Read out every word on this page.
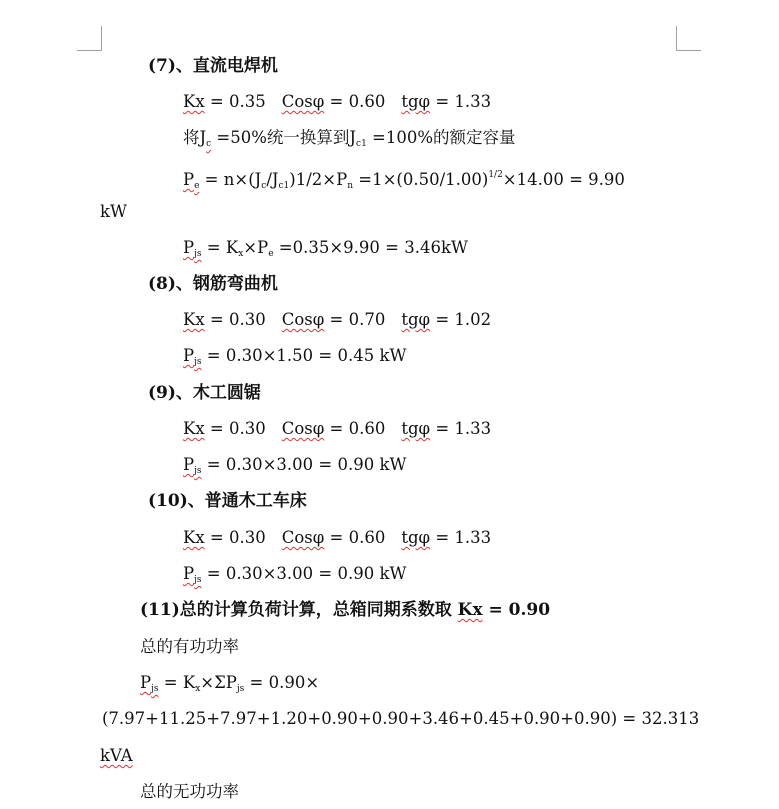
(7)、直流电焊机
Kx = 0.35 Cosφ = 0.60 tgφ = 1.33
将$J_c =50\%$统一换算到$J_{c1} =100\%$的额定容量
$P_e = n\times(J_c/J_{c1})1/2\times P_n =1\times(0.50/1.00)^{1/2}\times 14.00 = 9.90$
kW
$P_{js} = K_x\times P_e =0.35\times 9.90 = 3.46kW$
(8)、钢筋弯曲机
Kx = 0.30 Cosφ = 0.70 tgφ = 1.02
$P_{js} = 0.30\times 1.50 = 0.45$ kW
(9)、木工圆锯
Kx = 0.30 Cosφ = 0.60 tgφ = 1.33
$P_{js} = 0.30\times 3.00 = 0.90$ kW
(10)、普通木工车床
Kx = 0.30 Cosφ = 0.60 tgφ = 1.33
$P_{js} = 0.30\times 3.00 = 0.90$ kW
(11)总的计算负荷计算，总箱同期系数取 Kx = 0.90
总的有功功率
$P_{js} = K_x\times\Sigma P_{js} = 0.90\times$
(7.97+11.25+7.97+1.20+0.90+0.90+3.46+0.45+0.90+0.90) = 32.313
kVA
总的无功功率
